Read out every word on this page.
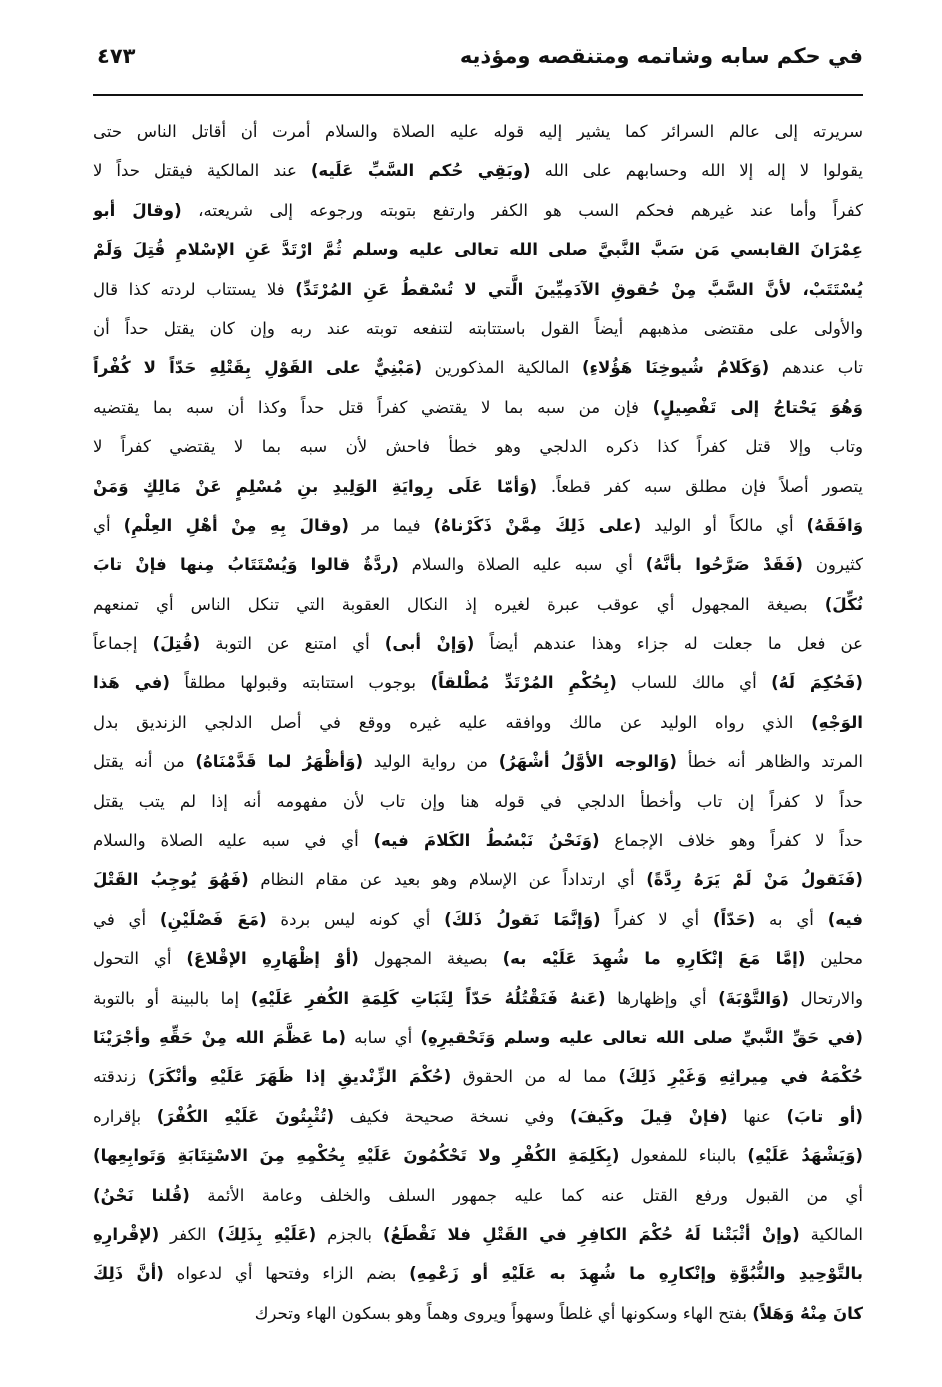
في حكم سابه وشاتمه ومتنقصه ومؤذيه
٤٧٣
سريرته إلى عالم السرائر كما يشير إليه قوله عليه الصلاة والسلام أمرت أن أقاتل الناس حتى
يقولوا لا إله إلا الله وحسابهم على الله (وبَقِي حُكم السَّبِّ عَلَيه) عند المالكية فيقتل حداً لا
كفراً وأما عند غيرهم فحكم السب هو الكفر وارتفع بتوبته ورجوعه إلى شريعته، (وقالَ أبو
عِمْرَانَ القابسي مَن سَبَّ النَّبيَّ صلى الله تعالى عليه وسلم ثُمَّ ارْتَدَّ عَنِ الإسْلامِ قُتِلَ وَلَمْ
يُسْتَتَبْ، لأنَّ السَّبَّ مِنْ حُقوقِ الآدَمِيِّينَ الَّتي لا تُسْقطُ عَنِ المُرْتَدِّ) فلا يستتاب لردته كذا قال
والأولى على مقتضى مذهبهم أيضاً القول باستتابته لتنفعه توبته عند ربه وإن كان يقتل حداً أن
تاب عندهم (وَكَلامُ شُيوخِنَا هَؤُلاءِ) المالكية المذكورين (مَبْنِيٌّ على القَوْلِ بِقَتْلِهِ حَدّاً لا كُفْراً
وَهُوَ يَحْتاجُ إلى تَفْصِيلٍ) فإن من سبه بما لا يقتضي كفراً قتل حداً وكذا أن سبه بما يقتضيه
وتاب وإلا قتل كفراً كذا ذكره الدلجي وهو خطأ فاحش لأن سبه بما لا يقتضي كفراً لا
يتصور أصلاً فإن مطلق سبه كفر قطعاً. (وَأمّا عَلَى رِوايَةِ الوَلِيدِ بنِ مُسْلِمٍ عَنْ مَالِكٍ وَمَنْ
وَافَقَهُ) أي مالكاً أو الوليد (على ذَلِكَ مِمَّنْ ذَكَرْناهُ) فيما مر (وقالَ بِهِ مِنْ أهْلِ العِلْمِ) أي
كثيرون (فَقَدْ صَرَّحُوا بأنَّهُ) أي سبه عليه الصلاة والسلام (ردَّةٌ قالوا وَيُسْتَتَابُ مِنها فإنْ تابَ
نُكِّلَ) بصيغة المجهول أي عوقب عبرة لغيره إذ النكال العقوبة التي تنكل الناس أي تمنعهم
عن فعل ما جعلت له جزاء وهذا عندهم أيضاً (وَإنْ أبى) أي امتنع عن التوبة (قُتِلَ) إجماعاً
(فَحُكِمَ لَهُ) أي مالك للساب (بِحُكْمِ المُرْتَدِّ مُطْلقاً) بوجوب استتابته وقبولها مطلقاً (في هَذا
الوَجْهِ) الذي رواه الوليد عن مالك ووافقه عليه غيره ووقع في أصل الدلجي الزنديق بدل
المرتد والظاهر أنه خطأ (وَالوجه الأوَّلُ أشْهَرُ) من رواية الوليد (وَأظْهَرُ لما قَدَّمْنَاهُ) من أنه يقتل
حداً لا كفراً إن تاب وأخطأ الدلجي في قوله هنا وإن تاب لأن مفهومه أنه إذا لم يتب يقتل
حداً لا كفراً وهو خلاف الإجماع (وَنَحْنُ نَبْسُطُ الكَلامَ فيه) أي في سبه عليه الصلاة والسلام
(فَنَقولُ مَنْ لَمْ يَرَهُ رِدَّةً) أي ارتداداً عن الإسلام وهو بعيد عن مقام النظام (فَهُوَ يُوجِبُ القَتْلَ
فيه) أي به (حَدّاً) أي لا كفراً (وَإنَّمَا نَقولُ ذَلكَ) أي كونه ليس بردة (مَعَ فَصْلَيْنِ) أي في
محلين (إمَّا مَعَ إنْكَارِهِ ما شُهِدَ عَلَيْه به) بصيغة المجهول (أوْ إظْهَارِهِ الإقْلاعَ) أي التحول
والارتحال (وَالتَّوْبَةَ) أي وإظهارها (عَنهُ فَنَقْتُلُهُ حَدّاً لِثَبَاتِ كَلِمَةِ الكُفرِ عَلَيْهِ) إما بالبينة أو بالتوبة
(في حَقِّ النَّبيِّ صلى الله تعالى عليه وسلم وَتَحْقيرِهِ) أي سابه (ما عَظَّمَ الله مِنْ حَقِّهِ وأجْرَيْنَا
حُكْمَهُ في مِيراثِهِ وَغَيْرِ ذَلِكَ) مما له من الحقوق (حُكْمَ الزِّنْديقِ إذا ظَهَرَ عَلَيْهِ وأنْكَرَ) زندقته
(أو تابَ) عنها (فإنْ قِيلَ وكَيفَ) وفي نسخة صحيحة فكيف (تُثْبِتُونَ عَلَيْهِ الكُفْرَ) بإقراره
(وَيَشْهَدُ عَلَيْهِ) بالبناء للمفعول (بِكَلِمَةِ الكُفْرِ ولا تَحْكُمُونَ عَلَيْهِ بِحُكْمِهِ مِنَ الاسْتِتَابَةِ وَتَوابِعِها)
أي من القبول ورفع القتل عنه كما عليه جمهور السلف والخلف وعامة الأئمة (قُلنا نَحْنُ)
المالكية (وإنْ أثْبَتْنا لَهُ حُكْمَ الكافِرِ في القَتْلِ فلا نَقْطَعُ) بالجزم (عَلَيْهِ بِذَلِكَ) الكفر (لإقْرارِهِ
بالتَّوْحِيدِ والنُّبُوَّةِ وإنْكارِهِ ما شُهِدَ به عَلَيْهِ أو زَعْمِهِ) بضم الزاء وفتحها أي لدعواه (أنَّ ذَلِكَ
كانَ مِنْهُ وَهَلاً) بفتح الهاء وسكونها أي غلطاً وسهواً ويروى وهماً وهو بسكون الهاء وتحرك
